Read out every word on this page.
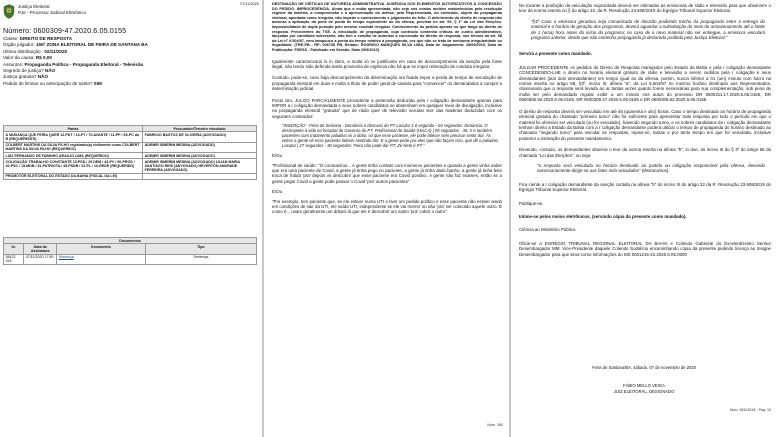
07/11/2020
Justiça Eleitoral
PJe - Processo Judicial Eletrônico
Número: 0600309-47.2020.6.05.0155
Classe: DIREITO DE RESPOSTA
Órgão julgador: 155ª ZONA ELEITORAL DE FEIRA DE SANTANA BA
Última distribuição : 02/11/2020
Valor da causa: R$ 0,00
Assuntos: Propaganda Política - Propaganda Eleitoral - Televisão
Segredo de justiça? NÃO
Justiça gratuita? NÃO
Pedido de liminar ou antecipação de tutela? SIM
Partes	Procurador/Terceiro vinculado
A MUDANÇA QUE FEIRA QUER 12-PDT / 13-PT / 70-AVANTE / 11-PP / 65-PC do B (REQUERENTE)	FABRICIO BASTOS DE OLIVEIRA (ADVOGADO)
COLBERT MARTINS DA SILVA FILHO registrado(a) civilmente como COLBERT MARTINS DA SILVA FILHO (REQUERIDO)	ADEMIR ISMERIM MEDINA (ADVOGADO)
LUIZ FERNANDO DE FABINHO ARAUJO LIMA (REQUERIDO)	ADEMIR ISMERIM MEDINA (ADVOGADO)
COLIGAÇÃO TRABALHO CONSTANTE 15-PSD / 25 DEM / 43-PV / 90-PROS / 20-PSC / 15-MDB / 51-PATRIOTA / 45-PSDB / 22-PL / 16-REDE (REQUERIDO)	ADEMIR ISMERIM MEDINA (ADVOGADO) LILIAN MARIA SANTIAGO REIS (ADVOGADO) HEVERTON ANDRADE FERREIRA (ADVOGADO)
PROMOTOR ELEITORAL DO ESTADO DA BAHIA (FISCAL DA LEI)	
Documentos			
Id.	Data da Assinatura	Documento	Tipo
38422 918	07/11/2020 17:50	Sentença	Sentença

DESTINAÇÃO DE CRÍTICAS DE NATUREZA ADMINISTRATIVA. AUSÊNCIA DOS ELEMENTOS AUTORIZATIVOS À CONCESSÃO DO PEDIDO. IMPROCEDÊNCIA. Ainda que a mídia apresentada, não seja nos exatos moldes estabelecidos pela resolução regente da matéria, a compreensão e a apresentação da defesa, pela Representada, do conteúdo, objeto da propaganda eleitoral, apontada como irregular, não impede o conhecimento e julgamento do feito. O deferimento do direito de resposta não autoriza a aplicação da pena de perda de tempo equivalente ao da ofensa, prevista no art. 53, § 1º da Lei das Eleições. Impossibilidade de dupla punição pelo mesmo conduta irregular. Conhecimento do pedido apenas no que tange ao direito de resposta. Precedentes do TSE. A veiculação de propaganda, cuja conteúdo contenha críticas de cunho administrativo, lançadas por candidato adversário, não tem o condão de autorizar a concessão do direito de resposta, nos termos do art. 58 da Lei nº 9.504/97, nem tampouco a perda do tempo relativo à propaganda, vez que não se trata de nenhuma irregularidade ou ilegalidade. (TRE-PB - RP: 606768 PB, Relator: RODRIGO MARQUES SILVA LIMA, Data de Julgamento: 28/09/2010, Data de Publicação: PSESS - Publicado em Sessão, Data 29/9/2010)

Igualmente caracterizaria lo in idem, a multa só se justificaria em caso de descumprimento da sanção pela fonte ilegal, não tendo sido deferida tutela provisória de urgência não há que se impor reiteração de conduta irregular.

Contudo, pode-se, caso haja descumprimento da determinação ora fixada impor a perda de tempo de veiculação de propaganda eleitoral em duas e multa a título de poder geral de cautela para "convencer" os demandados a cumprir a determinação judicial.

Posto isto, JULGO PARCIALMENTE procedente a pretensão deduzida pela r coligação demandante apenas para IMPOR a r coligação demandada e seus nobres candidatos se abstenham em qualquer meio de divulgação, inclusive na propaganda eleitoral "gratuita" que de rádio quer de televisão veicular teor das matérias deduzidas com os seguintes conteúdos:

"INSERÇÃO - Feira de Semana - Denúncia o descaso do PT Loculor 1 0 segundo - 04 segundos: Denúncia. O desrespeito à vida no hospital do Governo do PT. Profissional de Saúde (HGCA) | 05 segundos - 36: Ir e também pacientes com tratamento paliativo vir a óbito, só que esse paciente, ele pode falecer sem precisar sentir dor. Às vezes a gente vê esse paciente falecer sentindo dor. E a gente pede pra eles que não façam isso, que dê o paliativo. Locutor | 27 segundos - 30 segundos: Feira não pode dar PT. Zé Neto é PT."

E/Ou

"Profissional de saúde: "O coronavírus... A gente tinha contato com inúmeros pacientes e quando a gente vinha saber que era uma paciente de Covid, a gente já tinha pego no paciente, a gente já tinha dado banho, a gente já tinha feito troca de fralda 'pra' depois vir descobrir que esse paciente era Covid positivo. A gente não faz exames, então se a gente pegar Covid a gente pode passar o Covid 'pra' outros pacientes"

E/Ou

"Por exemplo, tem paciente que, se ele estiver numa UTI e tiver um pedido político e esse paciente não estiver ainda em condições de sair da UTI, ele saída UTI, independente se ele vai morrer ou não 'pra' ser colocado aquele outro. É como é... usam geralmente um drbaró lá que ele é descobrir um santo 'pra' cobrir o outro".

Num. 384

No tocante a proibição da veiculação supracitada deverá ser intimadas as emissoras de rádio e televisão para que observem o teor da norma inserta no § do artigo 32, da R. Resolução 23.608/2019 do Egrégio Tribunal Superior Eleitoral.

"§3º Caso a emissora geradora seja comunicada de decisão proibindo trecho da propaganda entre a entrega do material e o horário de geração dos programas, deverá aguardar a substituição do meio de armazenamento até o limite de 1 (uma) hora antes do início do programa; no caso de o novo material não ser entregue, a emissora veiculará programa anterior, desde que não contenha propaganda já declarada proibida pela Justiça Eleitoral."

Servirá a presente como mandado.

JULGAR PROCEDENTE os pedidos de Direito de Resposta manejados pelo Estado da Bahia e pela r coligação demandante CONCEDENDO-LHE o direito no horário eleitoral gratuito de rádio e televisão a serem cedidos pela r coligação e seus demandantes (dos dois demandantes) em tempo igual ao da ofensa, porém, nunca inferior a 01 (um) minuto com fulcro na norma inserta no artigo 58, §3º, inciso III, alínea "a", da Lei 9.504/97 no mesmo horário destinado aos Representados, observando que a resposta será levada ao ar tantas vezes quanto forem necessárias para sua complementação, sob pena de multa ser pelo demandado regular exibir a um minuto nos autos do processo DR 0600311.17.2020.6.05.0155, DR 0600306.92.2020.6.05.0155, DR 0600309.47.2020.6.05.0155 e DR 0600308.62.2020.6.05.0155.

O direito de resposta deverá ser veiculado em até 48 (quarenta e oito) horas. Caso o tempo destinado ao horário de propaganda eleitoral gratuita do chamado "primeiro turno" não for suficiente para apresentar toda resposta por todo o período em que o material foi ofensivo ser veiculado (ou for veiculado), havendo segundo turno, e os nobres candidatos da r coligação demandante tenham direito a Estado da Bahia com a r coligação demandante poderá utilizar o tempo de propaganda do horário destinado ao chamado "segundo turno" para veicular as respostas, repise-se, tantas e por tanto tempo em que for veiculada, inclusive posterior a intimação do presente mandamento.

Devendo, contudo, os demandantes observa o teor da norma inserta na alínea "b", in doe, do inciso III do § 3º do artigo 58 da chamada "Lei das Eleições", ou seja:

"a resposta será veiculada no horário destinado ao partido ou coligação responsável pela ofensa, devendo necessariamente dirigir-se aos fatos nela veiculados" (destacamos).

Fica ciente a r coligação demandante da sanção contida na alínea "b" do inciso III do artigo 32 da R. Resolução 23.608/2019 do Egrégio Tribunal Superior Eleitoral.

Publique-se.

Intime-se pelos meios eletrônicos, (servindo cópia da presente como mandado).

Ciência ao Ministério Público.

Oficie-se a EGRÉGIO TRIBUNAL REGIONAL ELEITORAL DA BAHIA e Colendo Gabinete do Excelentíssimo Senhor Desembargador MM. Vice-Presidente daquele Colendo Sodalício encaminhando cópia da presente pedindo licença ao Insigne Desembargador para que sirva como informações do MS 0601216-22.2020.6.05.0000

Feira de Santana/BA, sábado, 07 de novembro de 2020
FÁBIO MELLO VEIGA
JUIZ ELEITORAL, DESIGNADO
Num. 38422918 - Pág. 10
